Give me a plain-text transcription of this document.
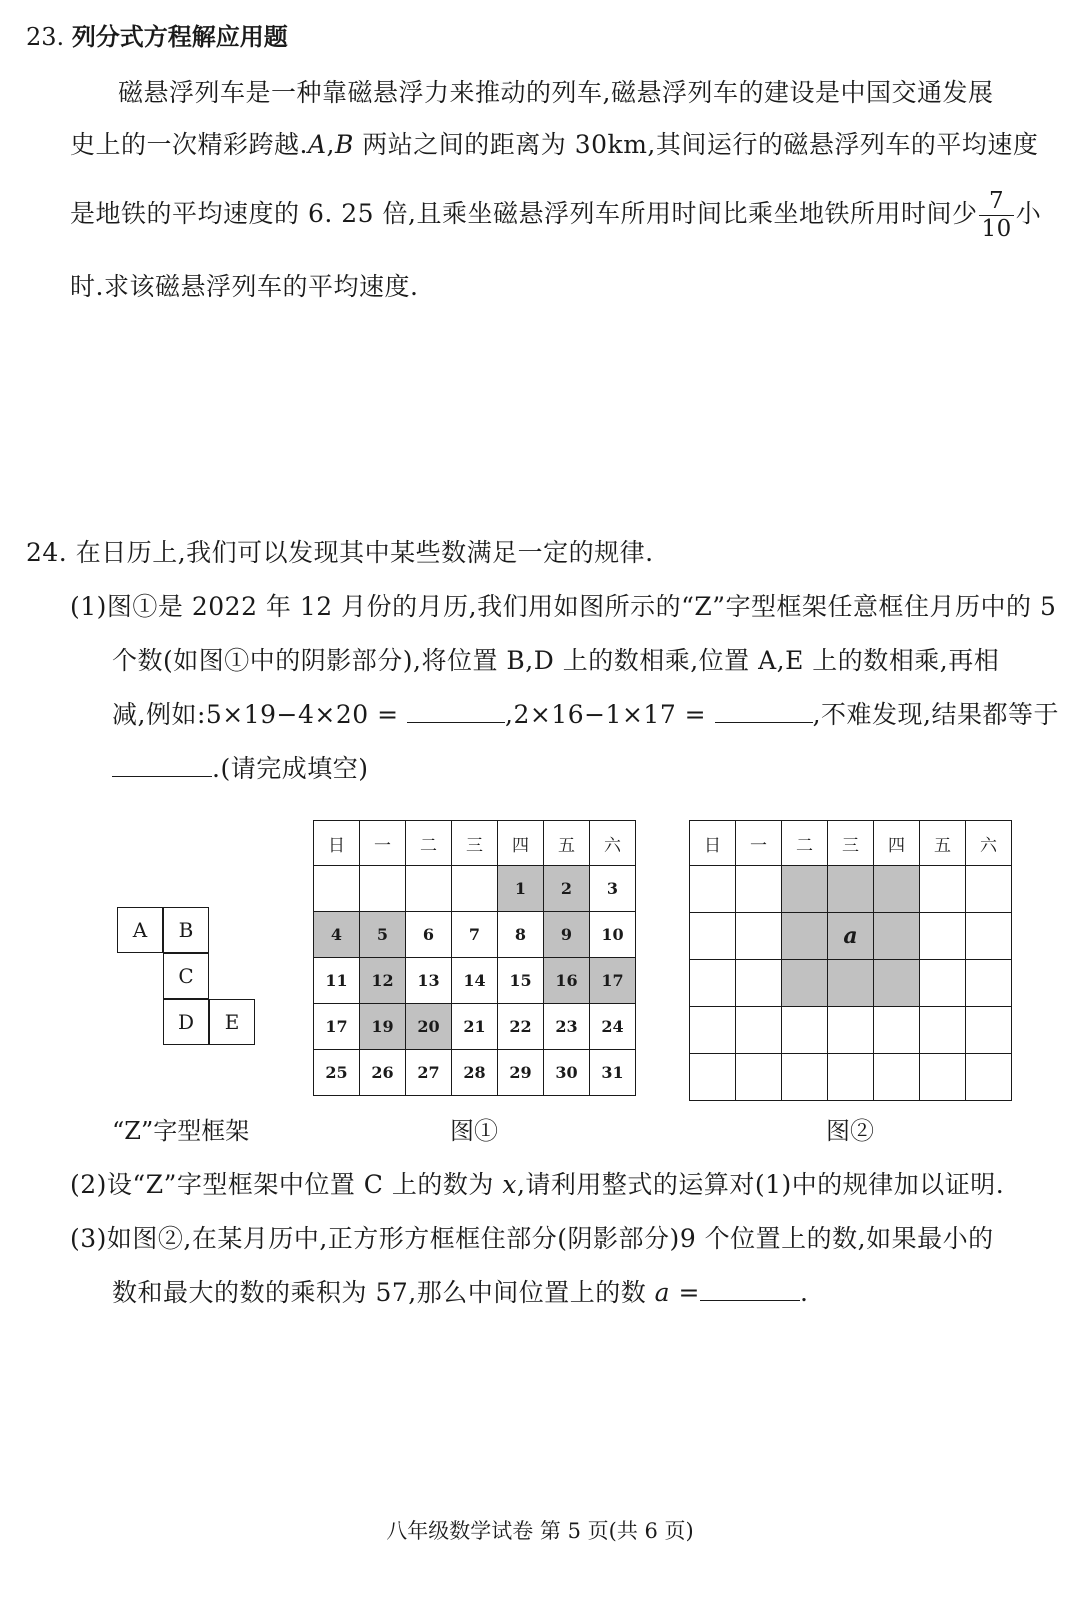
23. 列分式方程解应用题
磁悬浮列车是一种靠磁悬浮力来推动的列车,磁悬浮列车的建设是中国交通发展
史上的一次精彩跨越.A,B 两站之间的距离为 30km,其间运行的磁悬浮列车的平均速度
是地铁的平均速度的 6. 25 倍,且乘坐磁悬浮列车所用时间比乘坐地铁所用时间少 $\frac{7}{10}$ 小
时.求该磁悬浮列车的平均速度.
24. 在日历上,我们可以发现其中某些数满足一定的规律.
(1)图①是 2022 年 12 月份的月历,我们用如图所示的“Z”字型框架任意框住月历中的 5
个数(如图①中的阴影部分),将位置 B,D 上的数相乘,位置 A,E 上的数相乘,再相
减,例如:5×19−4×20 =	,2×16−1×17 =	,不难发现,结果都等于
.(请完成填空)
A	B
C
D	E
“Z”字型框架
日	一	二	三	四	五	六
				1	2	3
4	5	6	7	8	9	10
11	12	13	14	15	16	17
17	19	20	21	22	23	24
25	26	27	28	29	30	31
图①
日	一	二	三	四	五	六

			a			

图②
(2)设“Z”字型框架中位置 C 上的数为 x,请利用整式的运算对(1)中的规律加以证明.
(3)如图②,在某月历中,正方形方框框住部分(阴影部分)9 个位置上的数,如果最小的
数和最大的数的乘积为 57,那么中间位置上的数 a =	.
八年级数学试卷 第 5 页(共 6 页)
